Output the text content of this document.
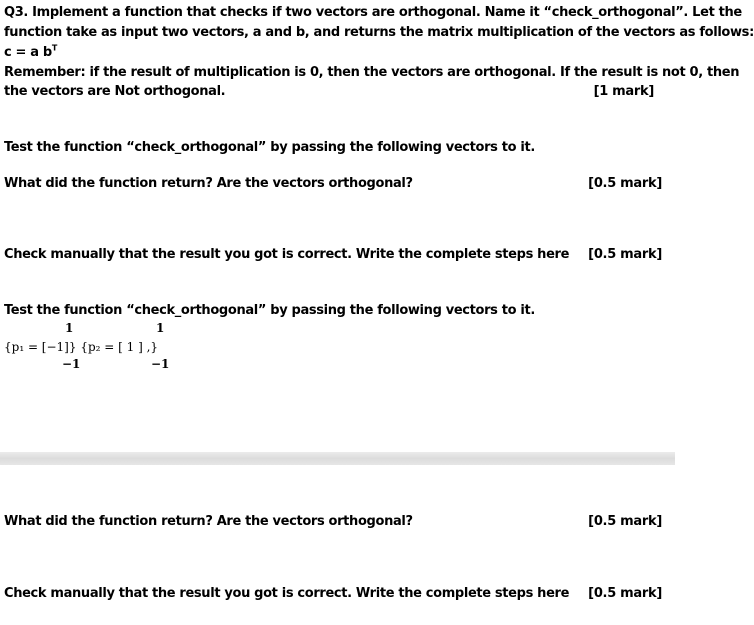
Q3. Implement a function that checks if two vectors are orthogonal. Name it “check_orthogonal”. Let the
function take as input two vectors, a and b, and returns the matrix multiplication of the vectors as follows:
c = a $b^T$
Remember: if the result of multiplication is 0, then the vectors are orthogonal. If the result is not 0, then
the vectors are Not orthogonal.	[1 mark]
Test the function “check_orthogonal” by passing the following vectors to it.
What did the function return? Are the vectors orthogonal?	[0.5 mark]
Check manually that the result you got is correct. Write the complete steps here [0.5 mark]
Test the function “check_orthogonal” by passing the following vectors to it.
1	1
{p₁ = [−1]} {p₂ = [ 1 ] ,}
−1	−1
What did the function return? Are the vectors orthogonal?	[0.5 mark]
Check manually that the result you got is correct. Write the complete steps here [0.5 mark]
